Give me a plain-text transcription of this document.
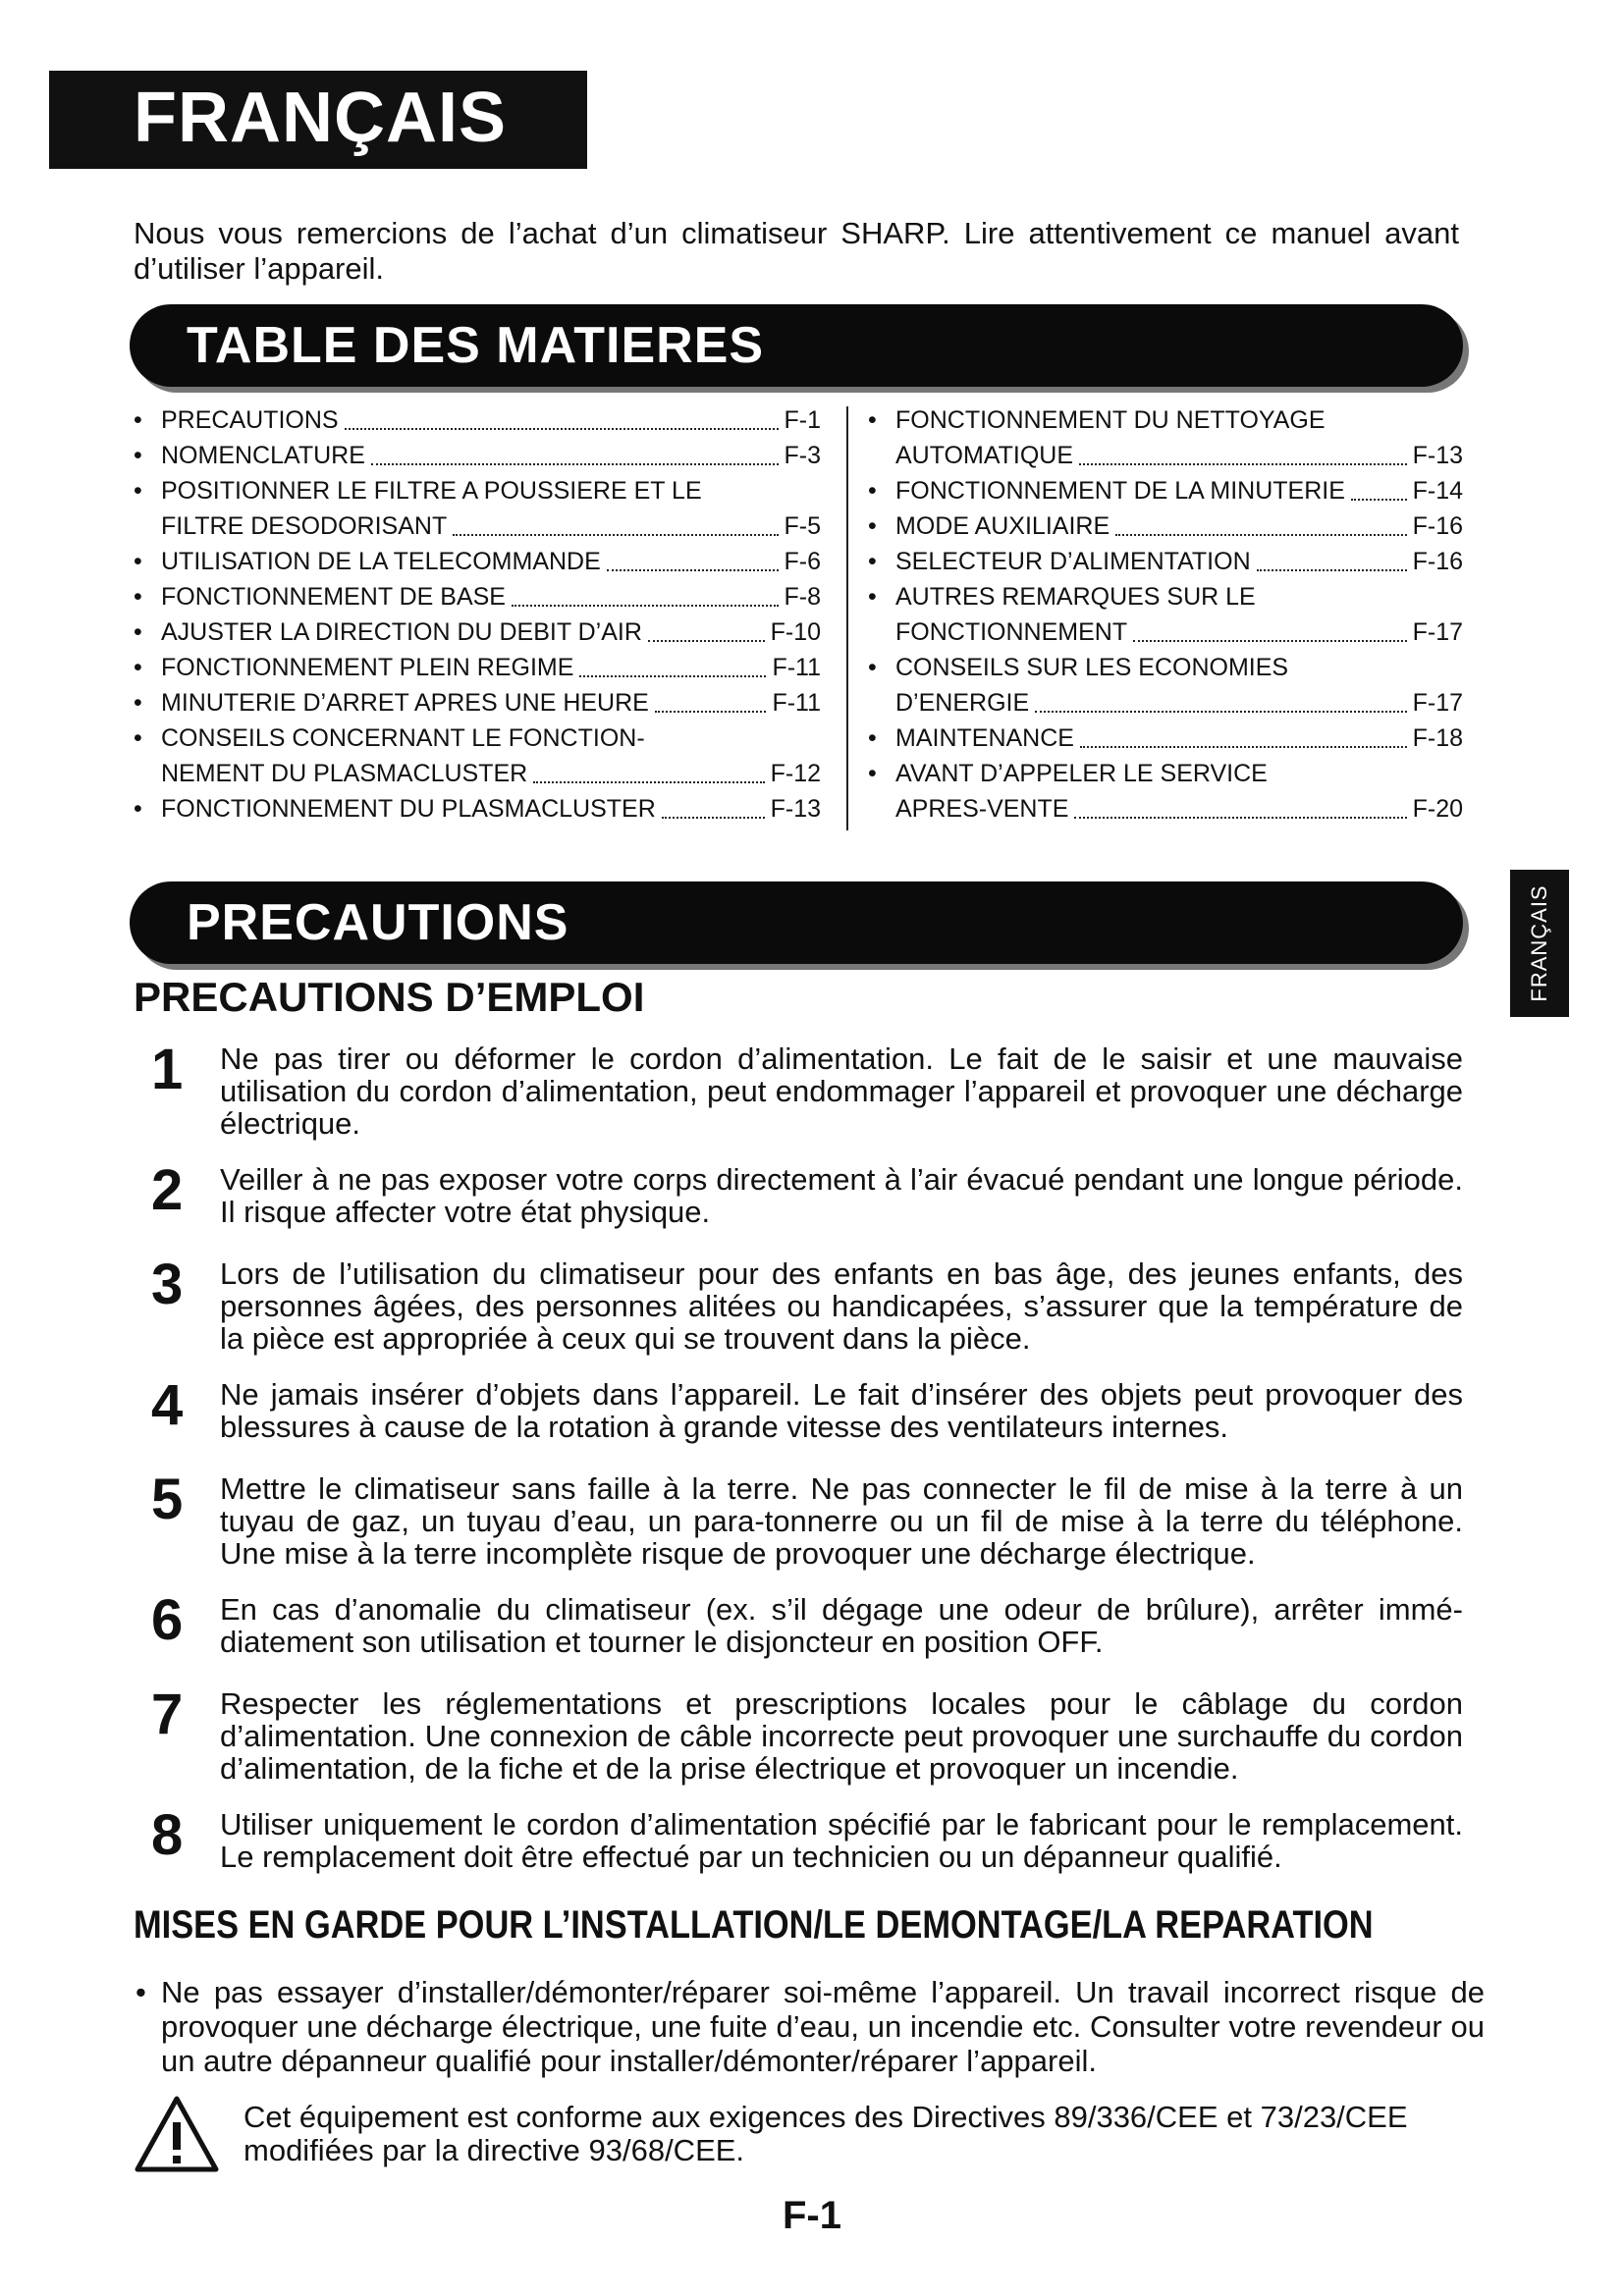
FRANÇAIS

Nous vous remercions de l’achat d’un climatiseur SHARP. Lire attentivement ce manuel avant d’utiliser l’appareil.

TABLE DES MATIERES
• PRECAUTIONS	F-1
• NOMENCLATURE	F-3
• POSITIONNER LE FILTRE A POUSSIERE ET LE
FILTRE DESODORISANT	F-5
• UTILISATION DE LA TELECOMMANDE	F-6
• FONCTIONNEMENT DE BASE	F-8
• AJUSTER LA DIRECTION DU DEBIT D’AIR	F-10
• FONCTIONNEMENT PLEIN REGIME	F-11
• MINUTERIE D’ARRET APRES UNE HEURE	F-11
• CONSEILS CONCERNANT LE FONCTION-
NEMENT DU PLASMACLUSTER	F-12
• FONCTIONNEMENT DU PLASMACLUSTER	F-13
• FONCTIONNEMENT DU NETTOYAGE
AUTOMATIQUE	F-13
• FONCTIONNEMENT DE LA MINUTERIE	F-14
• MODE AUXILIAIRE	F-16
• SELECTEUR D’ALIMENTATION	F-16
• AUTRES REMARQUES SUR LE
FONCTIONNEMENT	F-17
• CONSEILS SUR LES ECONOMIES
D’ENERGIE	F-17
• MAINTENANCE	F-18
• AVANT D’APPELER LE SERVICE
APRES-VENTE	F-20

FRANÇAIS

PRECAUTIONS
PRECAUTIONS D’EMPLOI
1 Ne pas tirer ou déformer le cordon d’alimentation. Le fait de le saisir et une mauvaise utilisation du cordon d’alimentation, peut endommager l’appareil et provoquer une décharge électrique.

2 Veiller à ne pas exposer votre corps directement à l’air évacué pendant une longue période. Il risque affecter votre état physique.

3 Lors de l’utilisation du climatiseur pour des enfants en bas âge, des jeunes enfants, des personnes âgées, des personnes alitées ou handicapées, s’assurer que la température de la pièce est appropriée à ceux qui se trouvent dans la pièce.

4 Ne jamais insérer d’objets dans l’appareil. Le fait d’insérer des objets peut provoquer des blessures à cause de la rotation à grande vitesse des ventilateurs internes.

5 Mettre le climatiseur sans faille à la terre. Ne pas connecter le fil de mise à la terre à un tuyau de gaz, un tuyau d’eau, un para-tonnerre ou un fil de mise à la terre du téléphone. Une mise à la terre incomplète risque de provoquer une décharge électrique.

6 En cas d’anomalie du climatiseur (ex. s’il dégage une odeur de brûlure), arrêter immé-diatement son utilisation et tourner le disjoncteur en position OFF.

7 Respecter les réglementations et prescriptions locales pour le câblage du cordon d’alimentation. Une connexion de câble incorrecte peut provoquer une surchauffe du cordon d’alimentation, de la fiche et de la prise électrique et provoquer un incendie.

8 Utiliser uniquement le cordon d’alimentation spécifié par le fabricant pour le remplacement. Le remplacement doit être effectué par un technicien ou un dépanneur qualifié.

MISES EN GARDE POUR L’INSTALLATION/LE DEMONTAGE/LA REPARATION
• Ne pas essayer d’installer/démonter/réparer soi-même l’appareil. Un travail incorrect risque de provoquer une décharge électrique, une fuite d’eau, un incendie etc. Consulter votre revendeur ou un autre dépanneur qualifié pour installer/démonter/réparer l’appareil.

Cet équipement est conforme aux exigences des Directives 89/336/CEE et 73/23/CEE modifiées par la directive 93/68/CEE.

F-1
